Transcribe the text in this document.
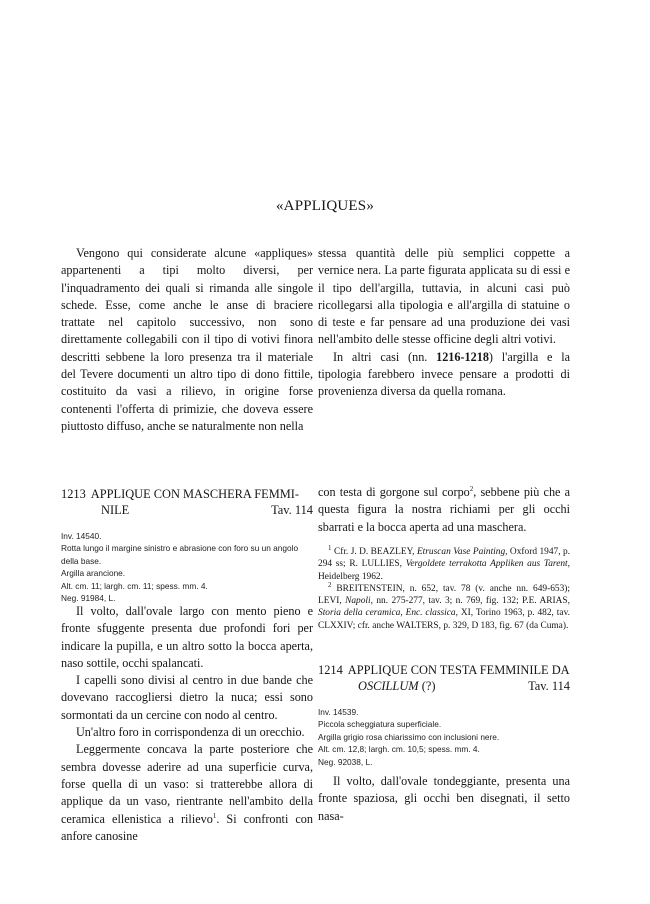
«APPLIQUES»

Vengono qui considerate alcune «appliques» appartenenti a tipi molto diversi, per l'inquadramento dei quali si rimanda alle singole schede. Esse, come anche le anse di braciere trattate nel capitolo successivo, non sono direttamente collegabili con il tipo di votivi finora descritti sebbene la loro presenza tra il materiale del Tevere documenti un altro tipo di dono fittile, costituito da vasi a rilievo, in origine forse contenenti l'offerta di primizie, che doveva essere piuttosto diffuso, anche se naturalmente non nella

stessa quantità delle più semplici coppette a vernice nera. La parte figurata applicata su di essi e il tipo dell'argilla, tuttavia, in alcuni casi può ricollegarsi alla tipologia e all'argilla di statuine o di teste e far pensare ad una produzione dei vasi nell'ambito delle stesse officine degli altri votivi.

In altri casi (nn. 1216-1218) l'argilla e la tipologia farebbero invece pensare a prodotti di provenienza diversa da quella romana.

1213 APPLIQUE CON MASCHERA FEMMI-
NILE	Tav. 114
Inv. 14540.
Rotta lungo il margine sinistro e abrasione con foro su un angolo della base.
Argilla arancione.
Alt. cm. 11; largh. cm. 11; spess. mm. 4.
Neg. 91984, L.

Il volto, dall'ovale largo con mento pieno e fronte sfuggente presenta due profondi fori per indicare la pupilla, e un altro sotto la bocca aperta, naso sottile, occhi spalancati.

I capelli sono divisi al centro in due bande che dovevano raccogliersi dietro la nuca; essi sono sormontati da un cercine con nodo al centro.

Un'altro foro in corrispondenza di un orecchio.

Leggermente concava la parte posteriore che sembra dovesse aderire ad una superficie curva, forse quella di un vaso: si tratterebbe allora di applique da un vaso, rientrante nell'ambito della ceramica ellenistica a rilievo$^1$. Si confronti con anfore canosine

con testa di gorgone sul corpo$^2$, sebbene più che a questa figura la nostra richiami per gli occhi sbarrati e la bocca aperta ad una maschera.

$^1$ Cfr. J. D. BEAZLEY, Etruscan Vase Painting, Oxford 1947, p. 294 ss; R. LULLIES, Vergoldete terrakotta Appliken aus Tarent, Heidelberg 1962.

$^2$ BREITENSTEIN, n. 652, tav. 78 (v. anche nn. 649-653); LEVI, Napoli, nn. 275-277, tav. 3; n. 769, fig. 132; P.E. ARIAS, Storia della ceramica, Enc. classica, XI, Torino 1963, p. 482, tav. CLXXIV; cfr. anche WALTERS, p. 329, D 183, fig. 67 (da Cuma).

1214 APPLIQUE CON TESTA FEMMINILE DA
OSCILLUM (?)	Tav. 114
Inv. 14539.
Piccola scheggiatura superficiale.
Argilla grigio rosa chiarissimo con inclusioni nere.
Alt. cm. 12,8; largh. cm. 10,5; spess. mm. 4.
Neg. 92038, L.

Il volto, dall'ovale tondeggiante, presenta una fronte spaziosa, gli occhi ben disegnati, il setto nasa-
